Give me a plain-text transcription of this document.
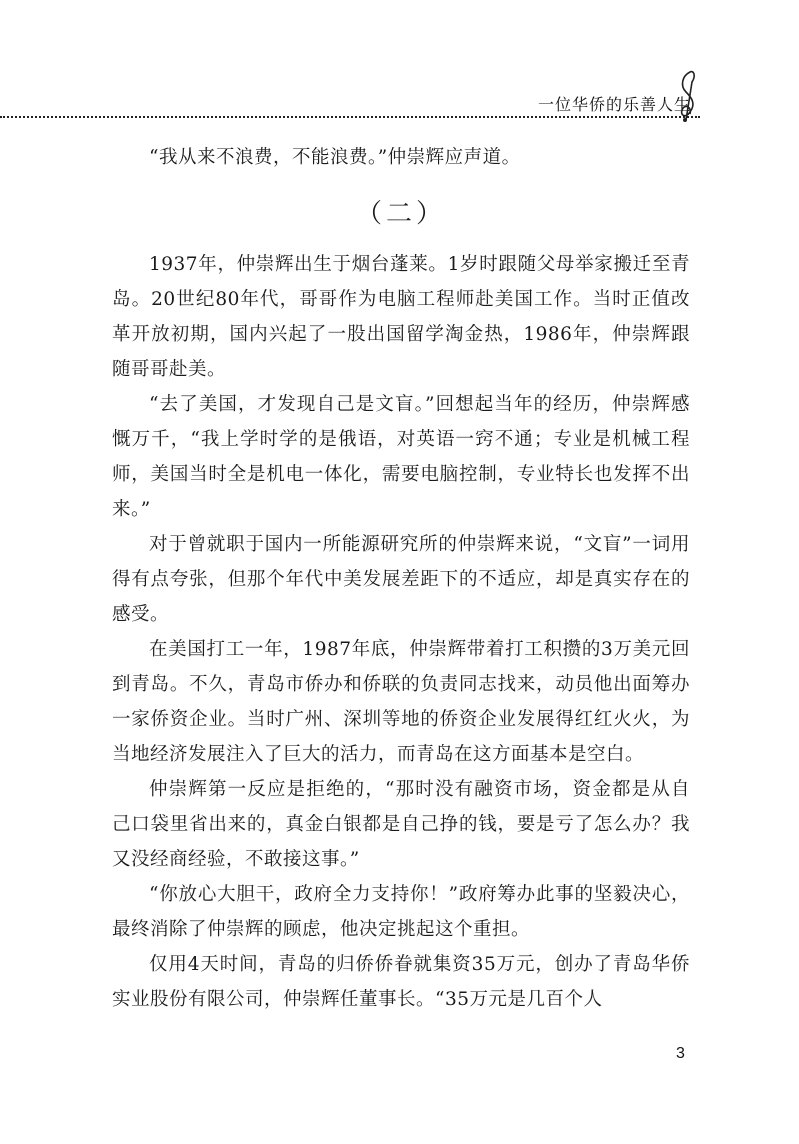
一位华侨的乐善人生

“我从来不浪费，不能浪费。”仲崇辉应声道。

（二）

1937年，仲崇辉出生于烟台蓬莱。1岁时跟随父母举家搬迁至青岛。20世纪80年代，哥哥作为电脑工程师赴美国工作。当时正值改革开放初期，国内兴起了一股出国留学淘金热，1986年，仲崇辉跟随哥哥赴美。

“去了美国，才发现自己是文盲。”回想起当年的经历，仲崇辉感慨万千，“我上学时学的是俄语，对英语一窍不通；专业是机械工程师，美国当时全是机电一体化，需要电脑控制，专业特长也发挥不出来。”

对于曾就职于国内一所能源研究所的仲崇辉来说，“文盲”一词用得有点夸张，但那个年代中美发展差距下的不适应，却是真实存在的感受。

在美国打工一年，1987年底，仲崇辉带着打工积攒的3万美元回到青岛。不久，青岛市侨办和侨联的负责同志找来，动员他出面筹办一家侨资企业。当时广州、深圳等地的侨资企业发展得红红火火，为当地经济发展注入了巨大的活力，而青岛在这方面基本是空白。

仲崇辉第一反应是拒绝的，“那时没有融资市场，资金都是从自己口袋里省出来的，真金白银都是自己挣的钱，要是亏了怎么办？我又没经商经验，不敢接这事。”

“你放心大胆干，政府全力支持你！”政府筹办此事的坚毅决心，最终消除了仲崇辉的顾虑，他决定挑起这个重担。

仅用4天时间，青岛的归侨侨眷就集资35万元，创办了青岛华侨实业股份有限公司，仲崇辉任董事长。“35万元是几百个人

3
